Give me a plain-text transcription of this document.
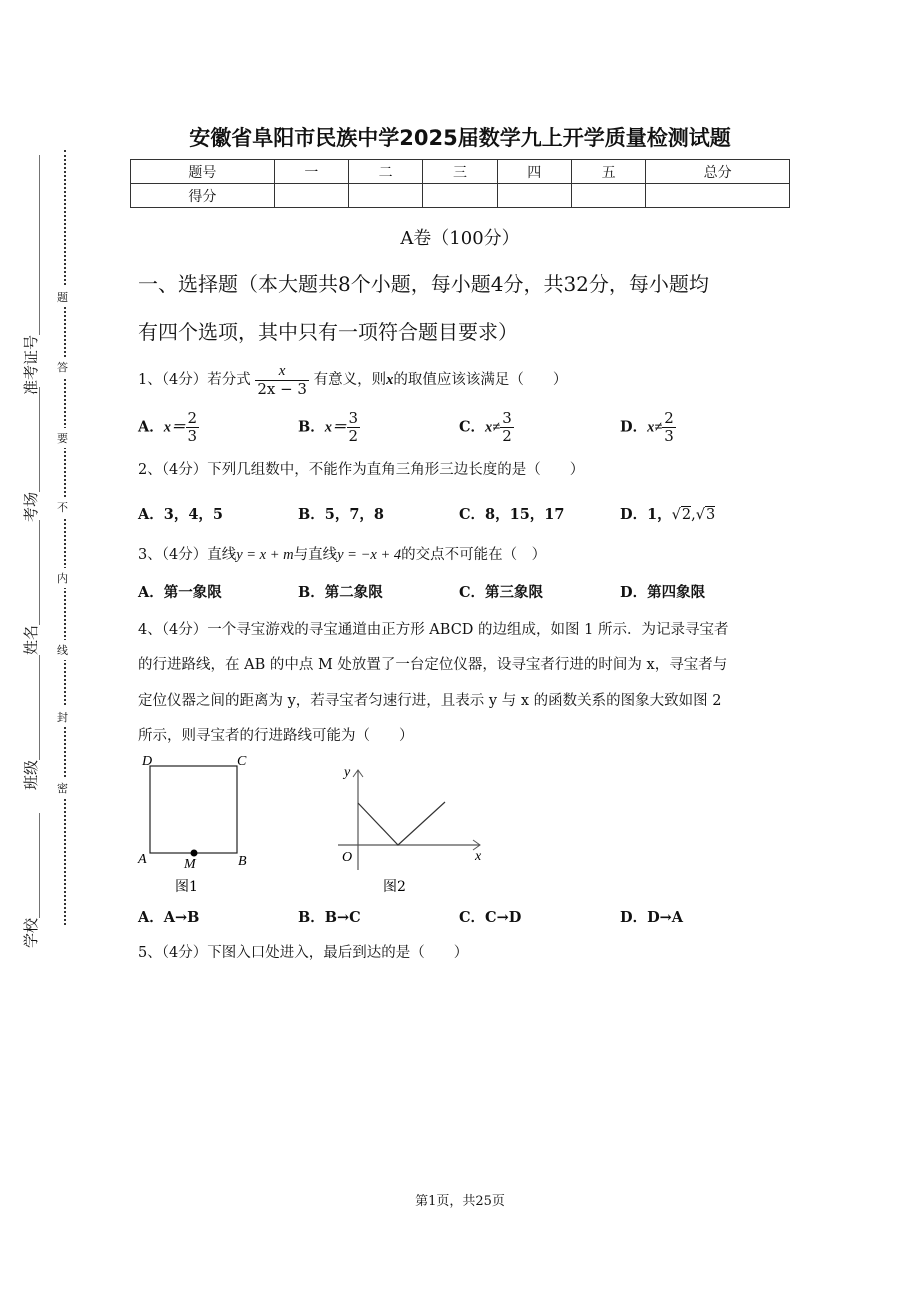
学校______________
班级______________
姓名______________
考场______________
准考证号________________________
密
封
线
内
不
要
答
题
安徽省阜阳市民族中学2025届数学九上开学质量检测试题
题号	一	二	三	四	五	总分
得分						
A卷（100分）
一、选择题（本大题共8个小题，每小题4分，共32分，每小题均
有四个选项，其中只有一项符合题目要求）
1、（4分）若分式 $\frac{x}{2x - 3}$ 有意义，则x的取值应该该满足（　　）
A．$x= \frac{2}{3}$	B．$x= \frac{3}{2}$	C．$x\ne \frac{3}{2}$	D．$x\ne \frac{2}{3}$
2、（4分）下列几组数中，不能作为直角三角形三边长度的是（　　）
A．3，4，5	B．5，7，8	C．8，15，17	D．1，√2,√3
3、（4分）直线y = x + m与直线y = −x + 4的交点不可能在（　）
A．第一象限	B．第二象限	C．第三象限	D．第四象限
4、（4分）一个寻宝游戏的寻宝通道由正方形 ABCD 的边组成，如图 1 所示．为记录寻宝者
的行进路线，在 AB 的中点 M 处放置了一台定位仪器，设寻宝者行进的时间为 x，寻宝者与
定位仪器之间的距离为 y，若寻宝者匀速行进，且表示 y 与 x 的函数关系的图象大致如图 2
所示，则寻宝者的行进路线可能为（　　）
D	C
A	M	B
图1
y
O	x
图2
A．A→B	B．B→C	C．C→D	D．D→A
5、（4分）下图入口处进入，最后到达的是（　　）
第1页，共25页
